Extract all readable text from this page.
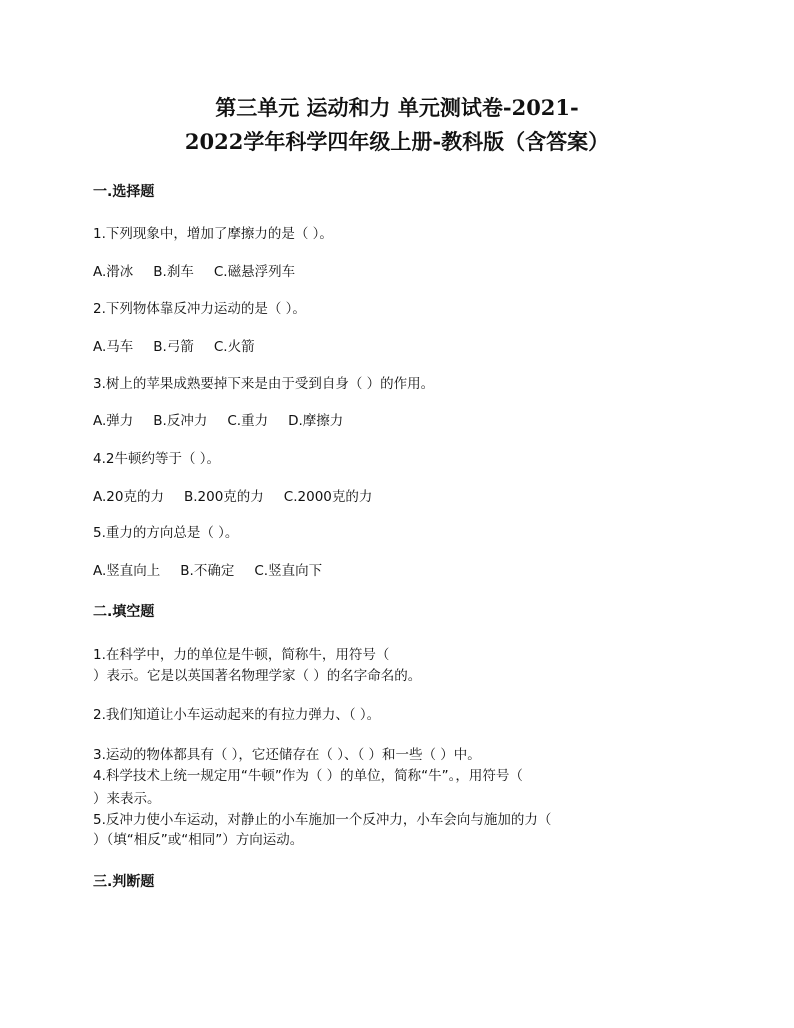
第三单元 运动和力 单元测试卷-2021-
2022学年科学四年级上册-教科版（含答案）
一.选择题
1.下列现象中，增加了摩擦力的是（ ）。
A.滑冰 B.刹车 C.磁悬浮列车
2.下列物体靠反冲力运动的是（ ）。
A.马车 B.弓箭 C.火箭
3.树上的苹果成熟要掉下来是由于受到自身（ ）的作用。
A.弹力 B.反冲力 C.重力 D.摩擦力
4.2牛顿约等于（ ）。
A.20克的力 B.200克的力 C.2000克的力
5.重力的方向总是（ ）。
A.竖直向上 B.不确定 C.竖直向下
二.填空题
1.在科学中，力的单位是牛顿，简称牛，用符号（
）表示。它是以英国著名物理学家（ ）的名字命名的。
2.我们知道让小车运动起来的有拉力弹力、（ ）。
3.运动的物体都具有（ ），它还储存在（ ）、（ ）和一些（ ）中。
4.科学技术上统一规定用“牛顿”作为（ ）的单位，简称“牛”。，用符号（
）来表示。
5.反冲力使小车运动，对静止的小车施加一个反冲力，小车会向与施加的力（
）（填“相反”或“相同”）方向运动。
三.判断题
